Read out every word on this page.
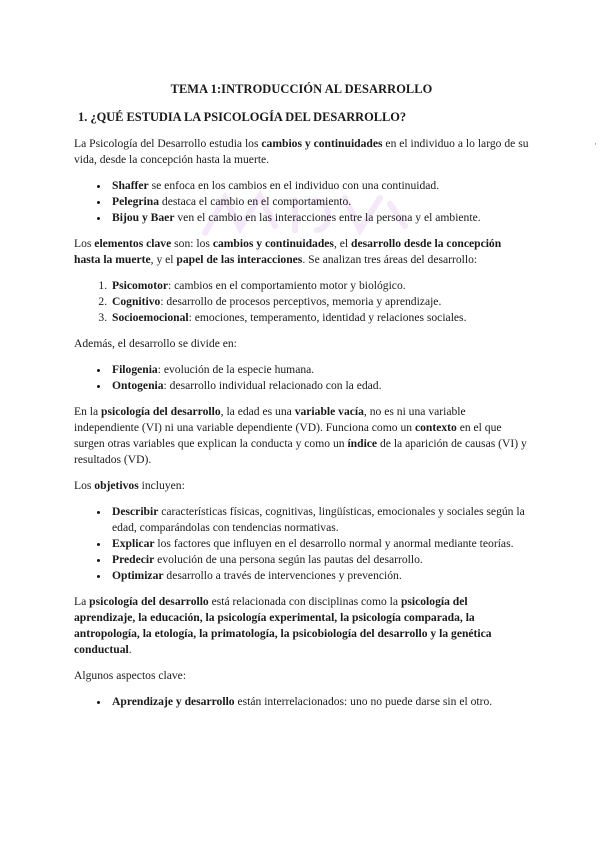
·
TEMA 1:INTRODUCCIÓN AL DESARROLLO
1. ¿QUÉ ESTUDIA LA PSICOLOGÍA DEL DESARROLLO?

La Psicología del Desarrollo estudia los cambios y continuidades en el individuo a lo largo de su vida, desde la concepción hasta la muerte.

• Shaffer se enfoca en los cambios en el individuo con una continuidad.
• Pelegrina destaca el cambio en el comportamiento.
• Bijou y Baer ven el cambio en las interacciones entre la persona y el ambiente.

Los elementos clave son: los cambios y continuidades, el desarrollo desde la concepción hasta la muerte, y el papel de las interacciones. Se analizan tres áreas del desarrollo:

1. Psicomotor: cambios en el comportamiento motor y biológico.
2. Cognitivo: desarrollo de procesos perceptivos, memoria y aprendizaje.
3. Socioemocional: emociones, temperamento, identidad y relaciones sociales.

Además, el desarrollo se divide en:

• Filogenia: evolución de la especie humana.
• Ontogenia: desarrollo individual relacionado con la edad.

En la psicología del desarrollo, la edad es una variable vacía, no es ni una variable independiente (VI) ni una variable dependiente (VD). Funciona como un contexto en el que surgen otras variables que explican la conducta y como un índice de la aparición de causas (VI) y resultados (VD).

Los objetivos incluyen:

• Describir características físicas, cognitivas, lingüísticas, emocionales y sociales según la edad, comparándolas con tendencias normativas.
• Explicar los factores que influyen en el desarrollo normal y anormal mediante teorías.
• Predecir evolución de una persona según las pautas del desarrollo.
• Optimizar desarrollo a través de intervenciones y prevención.

La psicología del desarrollo está relacionada con disciplinas como la psicología del aprendizaje, la educación, la psicología experimental, la psicología comparada, la antropología, la etología, la primatología, la psicobiología del desarrollo y la genética conductual.

Algunos aspectos clave:

• Aprendizaje y desarrollo están interrelacionados: uno no puede darse sin el otro.
